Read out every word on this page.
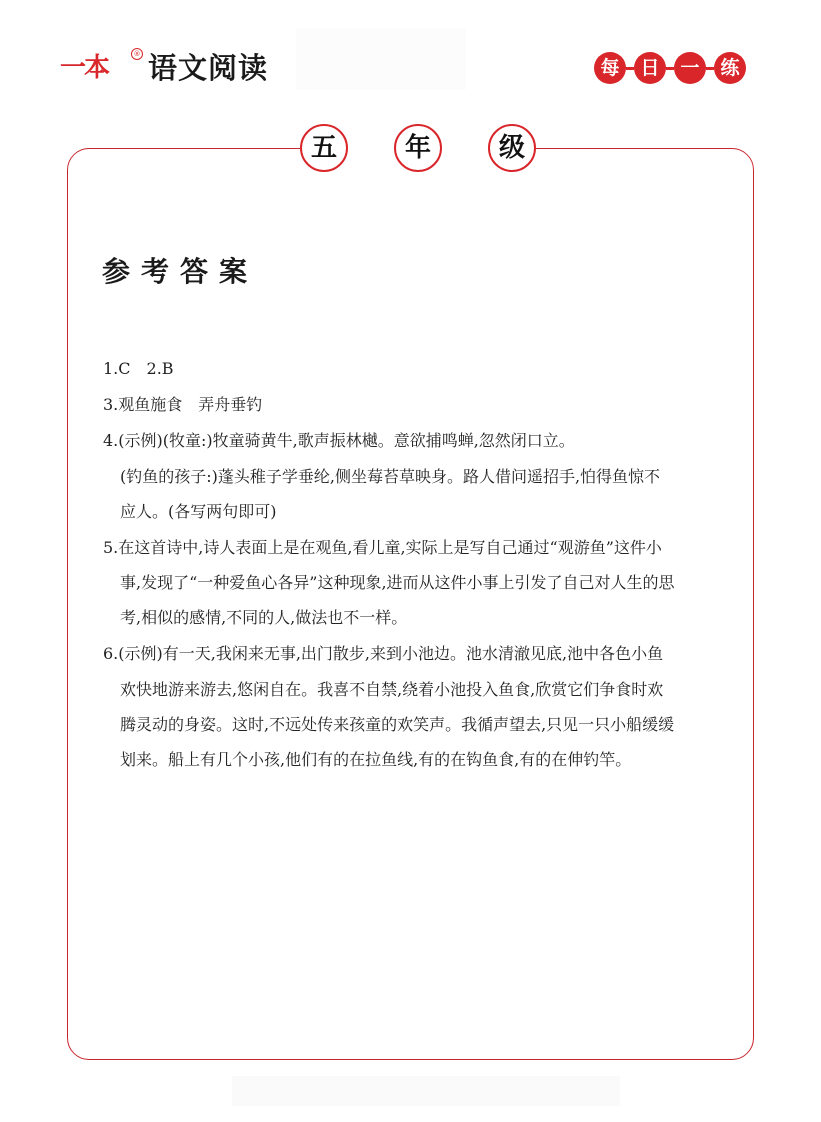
一本	® 语文阅读	每	日	一	练
五	年	级
参考答案
1.C　2.B
3.观鱼施食　弄舟垂钓
4.(示例)(牧童:)牧童骑黄牛,歌声振林樾。意欲捕鸣蝉,忽然闭口立。
(钓鱼的孩子:)蓬头稚子学垂纶,侧坐莓苔草映身。路人借问遥招手,怕得鱼惊不
应人。(各写两句即可)
5.在这首诗中,诗人表面上是在观鱼,看儿童,实际上是写自己通过“观游鱼”这件小
事,发现了“一种爱鱼心各异”这种现象,进而从这件小事上引发了自己对人生的思
考,相似的感情,不同的人,做法也不一样。
6.(示例)有一天,我闲来无事,出门散步,来到小池边。池水清澈见底,池中各色小鱼
欢快地游来游去,悠闲自在。我喜不自禁,绕着小池投入鱼食,欣赏它们争食时欢
腾灵动的身姿。这时,不远处传来孩童的欢笑声。我循声望去,只见一只小船缓缓
划来。船上有几个小孩,他们有的在拉鱼线,有的在钩鱼食,有的在伸钓竿。
